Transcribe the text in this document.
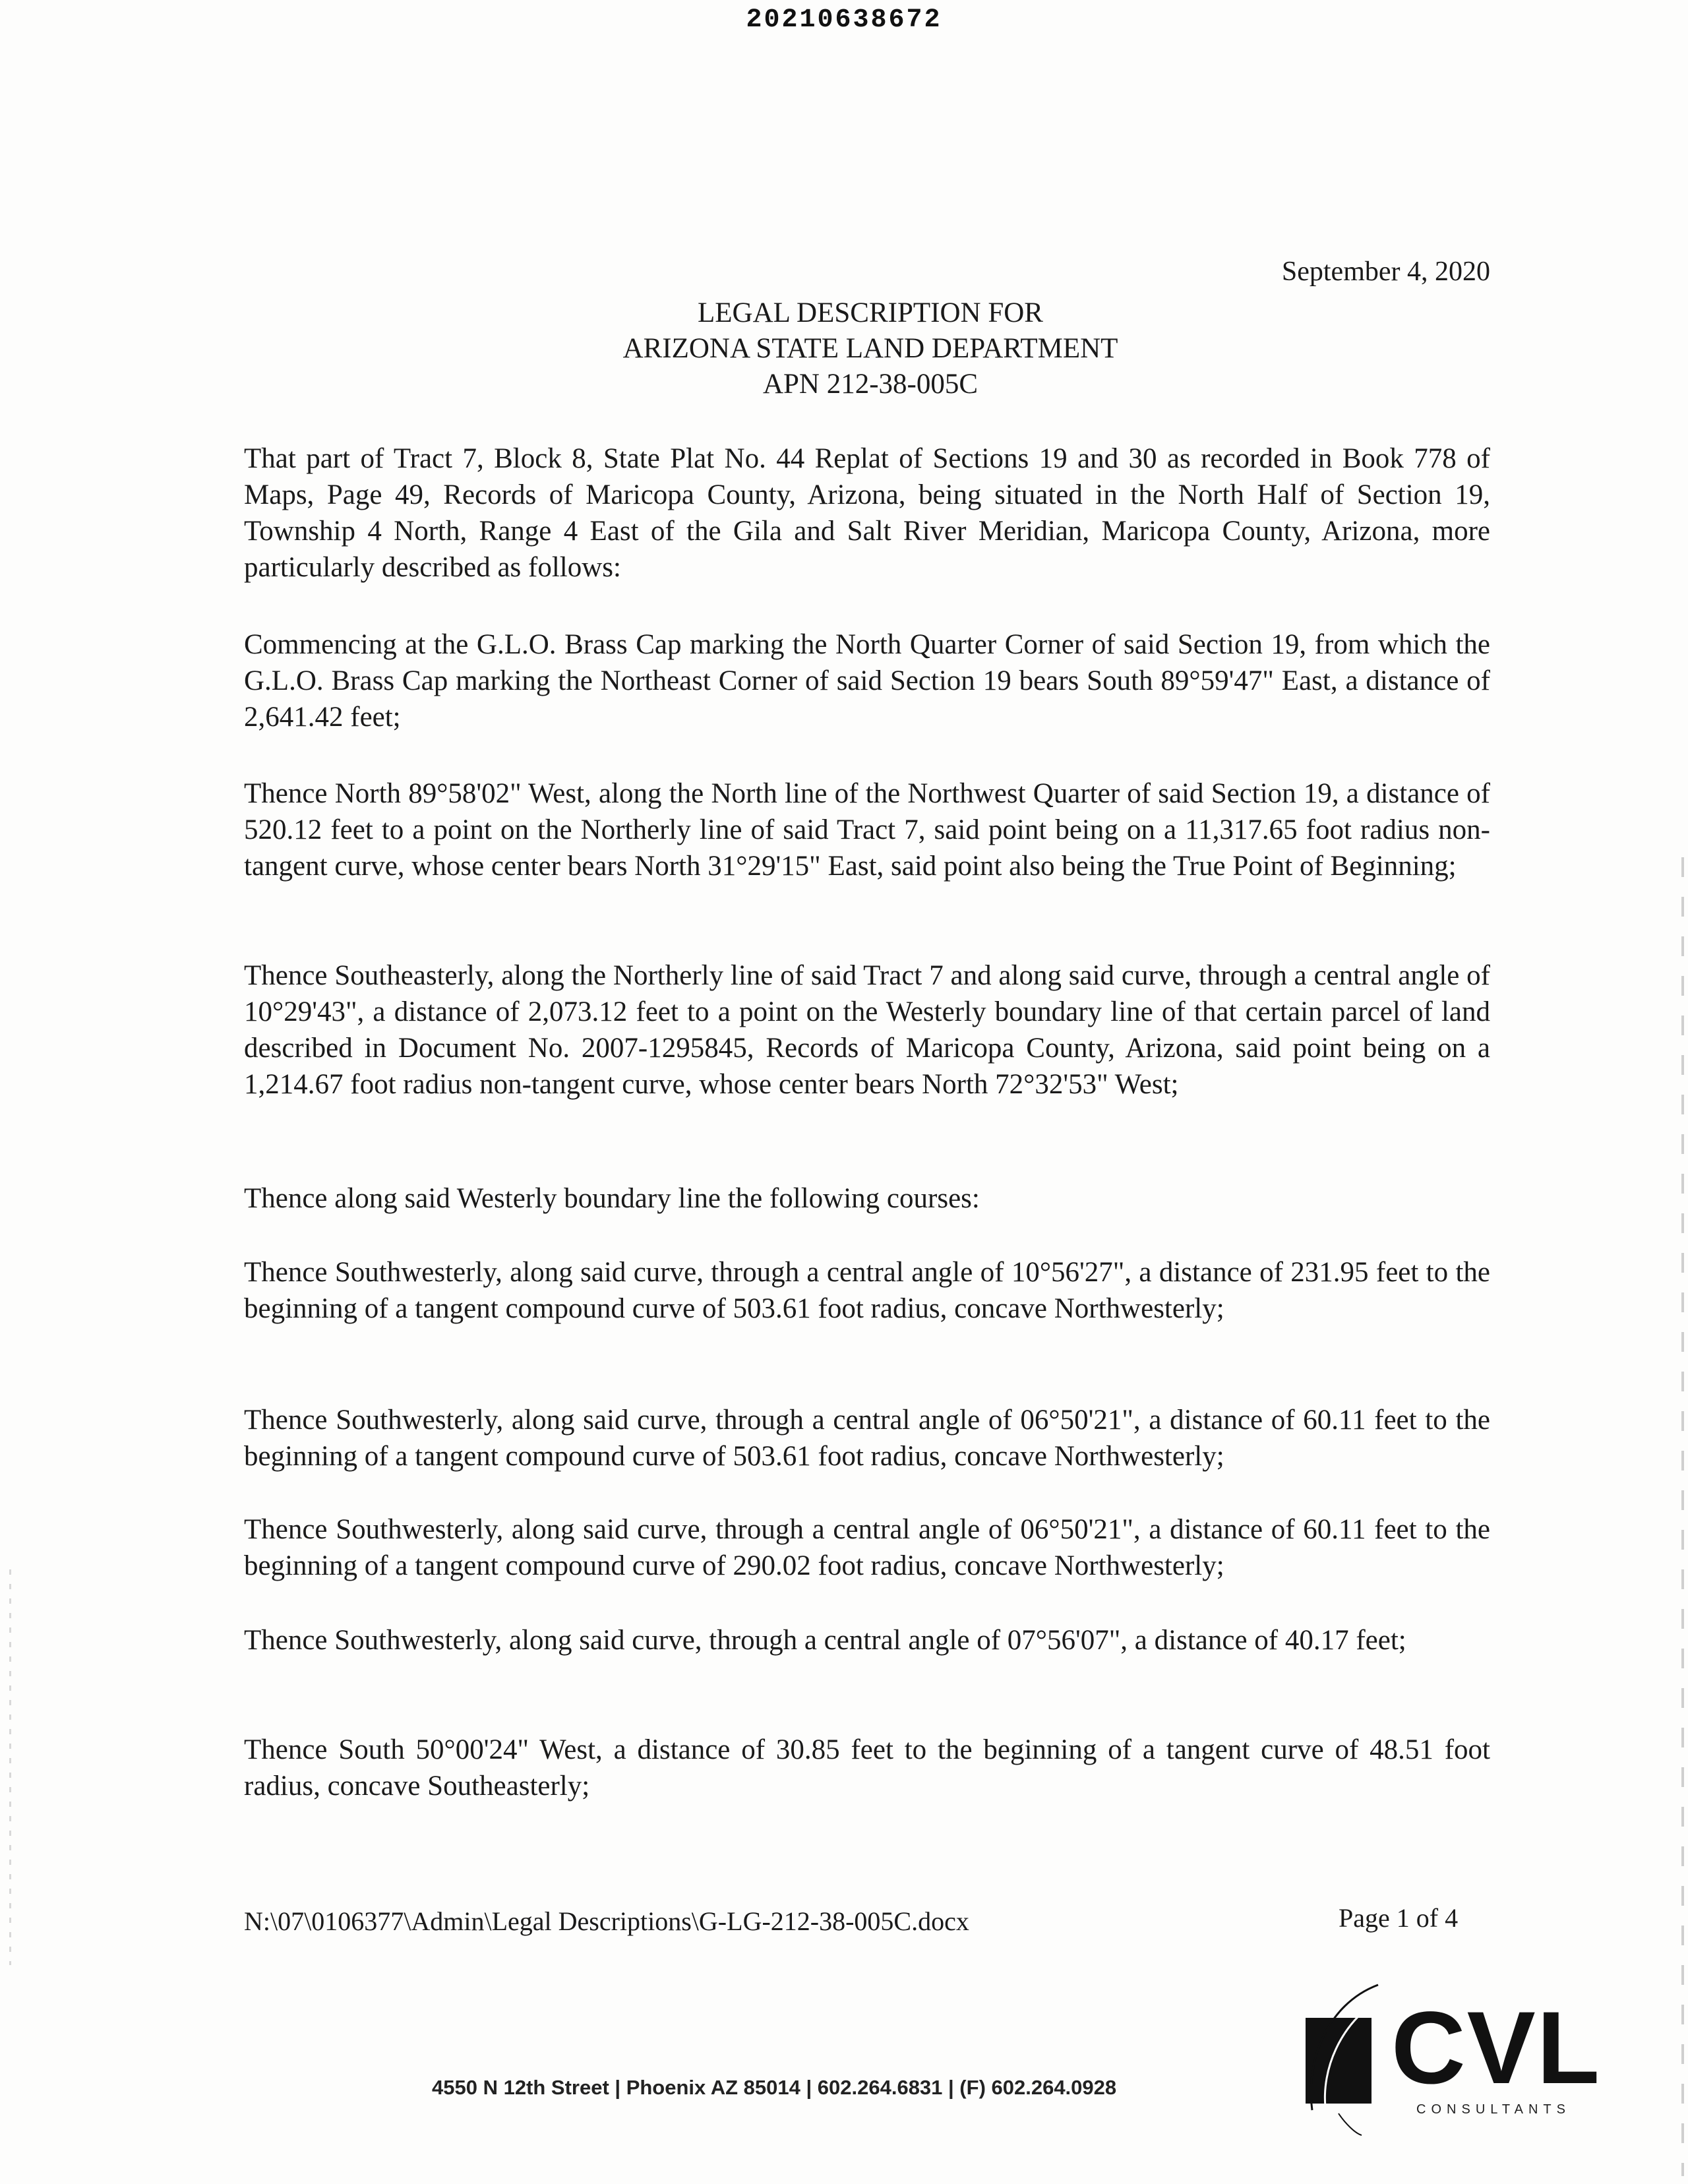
20210638672
September 4, 2020
LEGAL DESCRIPTION FOR
ARIZONA STATE LAND DEPARTMENT
APN 212-38-005C
That part of Tract 7, Block 8, State Plat No. 44 Replat of Sections 19 and 30 as recorded in Book 778 of Maps, Page 49, Records of Maricopa County, Arizona, being situated in the North Half of Section 19, Township 4 North, Range 4 East of the Gila and Salt River Meridian, Maricopa County, Arizona, more particularly described as follows:
Commencing at the G.L.O. Brass Cap marking the North Quarter Corner of said Section 19, from which the G.L.O. Brass Cap marking the Northeast Corner of said Section 19 bears South 89°59'47" East, a distance of 2,641.42 feet;
Thence North 89°58'02" West, along the North line of the Northwest Quarter of said Section 19, a distance of 520.12 feet to a point on the Northerly line of said Tract 7, said point being on a 11,317.65 foot radius non-tangent curve, whose center bears North 31°29'15" East, said point also being the True Point of Beginning;
Thence Southeasterly, along the Northerly line of said Tract 7 and along said curve, through a central angle of 10°29'43", a distance of 2,073.12 feet to a point on the Westerly boundary line of that certain parcel of land described in Document No. 2007-1295845, Records of Maricopa County, Arizona, said point being on a 1,214.67 foot radius non-tangent curve, whose center bears North 72°32'53" West;
Thence along said Westerly boundary line the following courses:
Thence Southwesterly, along said curve, through a central angle of 10°56'27", a distance of 231.95 feet to the beginning of a tangent compound curve of 503.61 foot radius, concave Northwesterly;
Thence Southwesterly, along said curve, through a central angle of 06°50'21", a distance of 60.11 feet to the beginning of a tangent compound curve of 503.61 foot radius, concave Northwesterly;
Thence Southwesterly, along said curve, through a central angle of 06°50'21", a distance of 60.11 feet to the beginning of a tangent compound curve of 290.02 foot radius, concave Northwesterly;
Thence Southwesterly, along said curve, through a central angle of 07°56'07", a distance of 40.17 feet;
Thence South 50°00'24" West, a distance of 30.85 feet to the beginning of a tangent curve of 48.51 foot radius, concave Southeasterly;
N:\07\0106377\Admin\Legal Descriptions\G-LG-212-38-005C.docx	Page 1 of 4
4550 N 12th Street | Phoenix AZ 85014 | 602.264.6831 | (F) 602.264.0928	CVL
CONSULTANTS
